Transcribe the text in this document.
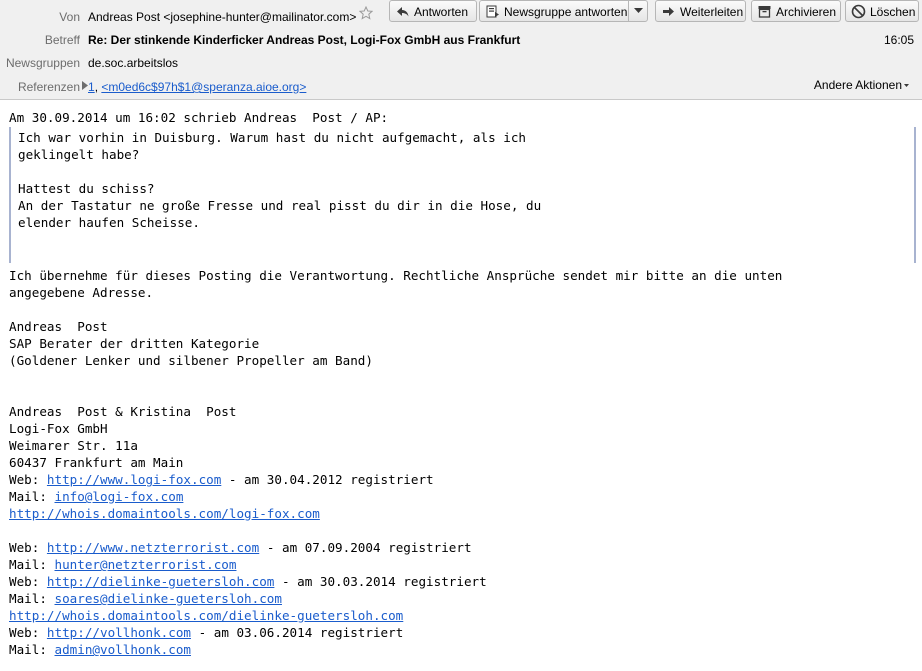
Von Andreas Post <josephine-hunter@mailinator.com>	Antworten	Newsgruppe antworten	Weiterleiten	Archivieren	Löschen
Betreff Re: Der stinkende Kinderficker Andreas Post, Logi-Fox GmbH aus Frankfurt	16:05
Newsgruppen de.soc.arbeitslos
Referenzen 1, <m0ed6c$97h$1@speranza.aioe.org>	Andere Aktionen

Am 30.09.2014 um 16:02 schrieb Andreas  Post / AP:

Ich war vorhin in Duisburg. Warum hast du nicht aufgemacht, als ich
geklingelt habe?
Hattest du schiss?
An der Tastatur ne große Fresse und real pisst du dir in die Hose, du
elender haufen Scheisse.

Ich übernehme für dieses Posting die Verantwortung. Rechtliche Ansprüche sendet mir bitte an die unten
angegebene Adresse.
Andreas  Post
SAP Berater der dritten Kategorie
(Goldener Lenker und silbener Propeller am Band)
Andreas  Post & Kristina  Post
Logi-Fox GmbH
Weimarer Str. 11a
60437 Frankfurt am Main
Web: http://www.logi-fox.com - am 30.04.2012 registriert
Mail: info@logi-fox.com
http://whois.domaintools.com/logi-fox.com
Web: http://www.netzterrorist.com - am 07.09.2004 registriert
Mail: hunter@netzterrorist.com
Web: http://dielinke-guetersloh.com - am 30.03.2014 registriert
Mail: soares@dielinke-guetersloh.com
http://whois.domaintools.com/dielinke-guetersloh.com
Web: http://vollhonk.com - am 03.06.2014 registriert
Mail: admin@vollhonk.com
